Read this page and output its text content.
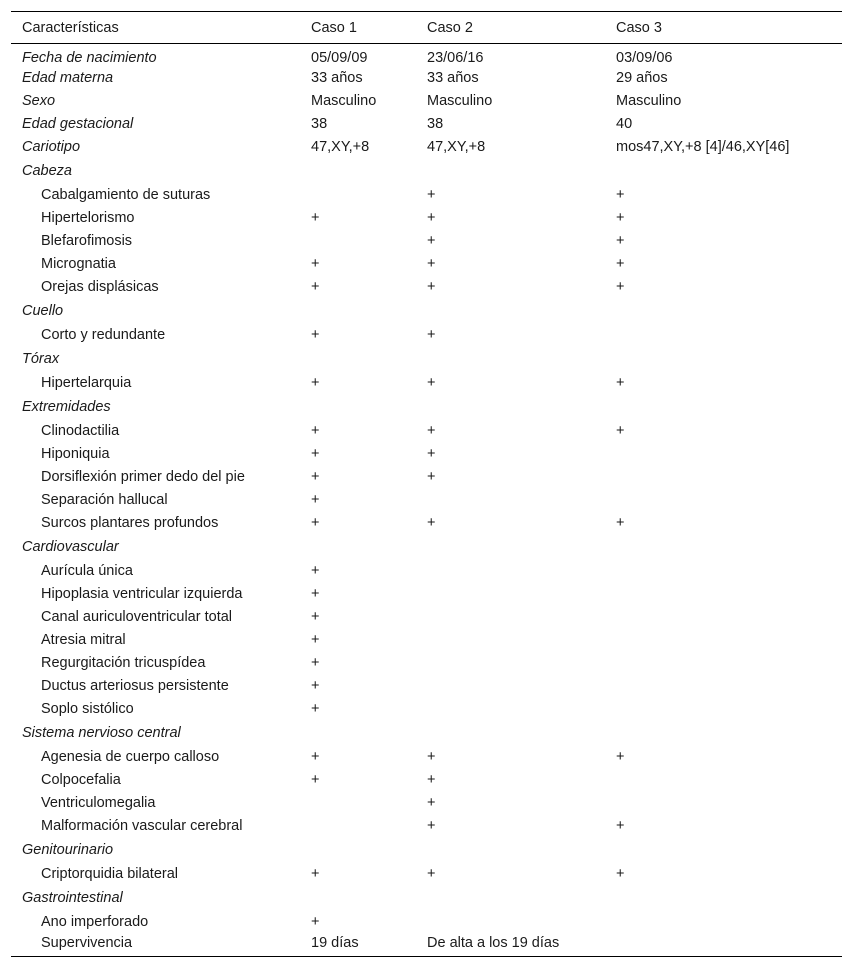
Características	Caso 1	Caso 2	Caso 3
Fecha de nacimiento	05/09/09	23/06/16	03/09/06
Edad materna	33 años	33 años	29 años
Sexo	Masculino	Masculino	Masculino
Edad gestacional	38	38	40
Cariotipo	47,XY,+8	47,XY,+8	mos47,XY,+8 [4]/46,XY[46]
Cabeza			
Cabalgamiento de suturas		+	+
Hipertelorismo	+	+	+
Blefarofimosis		+	+
Micrognatia	+	+	+
Orejas displásicas	+	+	+
Cuello			
Corto y redundante	+	+	
Tórax			
Hipertelarquia	+	+	+
Extremidades			
Clinodactilia	+	+	+
Hiponiquia	+	+	
Dorsiflexión primer dedo del pie	+	+	
Separación hallucal	+		
Surcos plantares profundos	+	+	+
Cardiovascular			
Aurícula única	+		
Hipoplasia ventricular izquierda	+		
Canal auriculoventricular total	+		
Atresia mitral	+		
Regurgitación tricuspídea	+		
Ductus arteriosus persistente	+		
Soplo sistólico	+		
Sistema nervioso central			
Agenesia de cuerpo calloso	+	+	+
Colpocefalia	+	+	
Ventriculomegalia		+	
Malformación vascular cerebral		+	+
Genitourinario			
Criptorquidia bilateral	+	+	+
Gastrointestinal			
Ano imperforado	+		
Supervivencia	19 días	De alta a los 19 días	
